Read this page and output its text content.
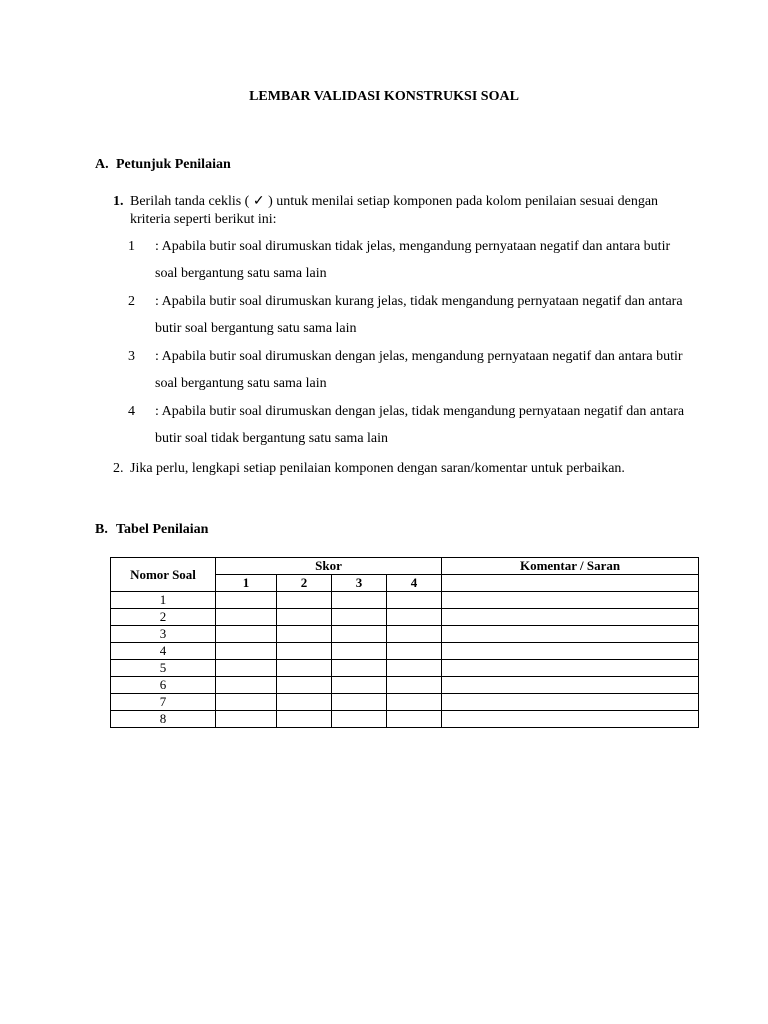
LEMBAR VALIDASI KONSTRUKSI SOAL
A. Petunjuk Penilaian
1. Berilah tanda ceklis ( ✓ ) untuk menilai setiap komponen pada kolom penilaian sesuai dengan kriteria seperti berikut ini:
1 : Apabila butir soal dirumuskan tidak jelas, mengandung pernyataan negatif dan antara butir soal bergantung satu sama lain
2 : Apabila butir soal dirumuskan kurang jelas, tidak mengandung pernyataan negatif dan antara butir soal bergantung satu sama lain
3 : Apabila butir soal dirumuskan dengan jelas, mengandung pernyataan negatif dan antara butir soal bergantung satu sama lain
4 : Apabila butir soal dirumuskan dengan jelas, tidak mengandung pernyataan negatif dan antara butir soal tidak bergantung satu sama lain
2. Jika perlu, lengkapi setiap penilaian komponen dengan saran/komentar untuk perbaikan.
B. Tabel Penilaian
Nomor Soal	Skor				Komentar / Saran
	1	2	3	4	
1					
2					
3					
4					
5					
6					
7					
8					
